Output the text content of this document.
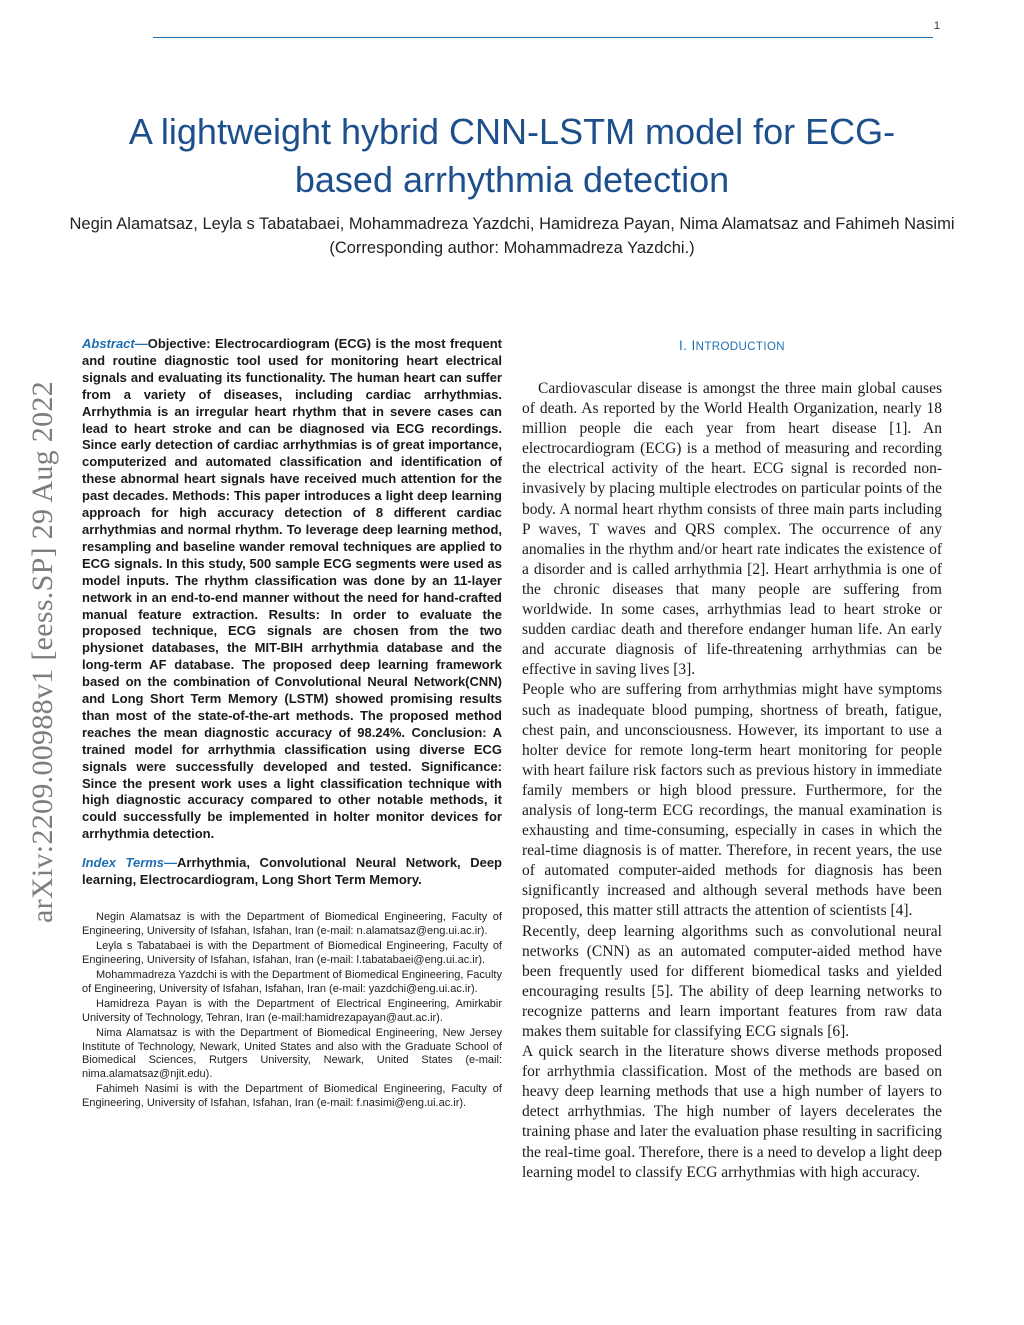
1
A lightweight hybrid CNN-LSTM model for ECG-based arrhythmia detection
Negin Alamatsaz, Leyla s Tabatabaei, Mohammadreza Yazdchi, Hamidreza Payan, Nima Alamatsaz and Fahimeh Nasimi (Corresponding author: Mohammadreza Yazdchi.)
arXiv:2209.00988v1 [eess.SP] 29 Aug 2022

Abstract—Objective: Electrocardiogram (ECG) is the most frequent and routine diagnostic tool used for monitoring heart electrical signals and evaluating its functionality. The human heart can suffer from a variety of diseases, including cardiac arrhythmias. Arrhythmia is an irregular heart rhythm that in severe cases can lead to heart stroke and can be diagnosed via ECG recordings. Since early detection of cardiac arrhythmias is of great importance, computerized and automated classification and identification of these abnormal heart signals have received much attention for the past decades. Methods: This paper introduces a light deep learning approach for high accuracy detection of 8 different cardiac arrhythmias and normal rhythm. To leverage deep learning method, resampling and baseline wander removal techniques are applied to ECG signals. In this study, 500 sample ECG segments were used as model inputs. The rhythm classification was done by an 11-layer network in an end-to-end manner without the need for hand-crafted manual feature extraction. Results: In order to evaluate the proposed technique, ECG signals are chosen from the two physionet databases, the MIT-BIH arrhythmia database and the long-term AF database. The proposed deep learning framework based on the combination of Convolutional Neural Network(CNN) and Long Short Term Memory (LSTM) showed promising results than most of the state-of-the-art methods. The proposed method reaches the mean diagnostic accuracy of 98.24%. Conclusion: A trained model for arrhythmia classification using diverse ECG signals were successfully developed and tested. Significance: Since the present work uses a light classification technique with high diagnostic accuracy compared to other notable methods, it could successfully be implemented in holter monitor devices for arrhythmia detection.

Index Terms—Arrhythmia, Convolutional Neural Network, Deep learning, Electrocardiogram, Long Short Term Memory.

Negin Alamatsaz is with the Department of Biomedical Engineering, Faculty of Engineering, University of Isfahan, Isfahan, Iran (e-mail: n.alamatsaz@eng.ui.ac.ir).

Leyla s Tabatabaei is with the Department of Biomedical Engineering, Faculty of Engineering, University of Isfahan, Isfahan, Iran (e-mail: l.tabatabaei@eng.ui.ac.ir).

Mohammadreza Yazdchi is with the Department of Biomedical Engineering, Faculty of Engineering, University of Isfahan, Isfahan, Iran (e-mail: yazdchi@eng.ui.ac.ir).

Hamidreza Payan is with the Department of Electrical Engineering, Amirkabir University of Technology, Tehran, Iran (e-mail:hamidrezapayan@aut.ac.ir).

Nima Alamatsaz is with the Department of Biomedical Engineering, New Jersey Institute of Technology, Newark, United States and also with the Graduate School of Biomedical Sciences, Rutgers University, Newark, United States (e-mail: nima.alamatsaz@njit.edu).

Fahimeh Nasimi is with the Department of Biomedical Engineering, Faculty of Engineering, University of Isfahan, Isfahan, Iran (e-mail: f.nasimi@eng.ui.ac.ir).

I. INTRODUCTION

Cardiovascular disease is amongst the three main global causes of death. As reported by the World Health Organization, nearly 18 million people die each year from heart disease [1]. An electrocardiogram (ECG) is a method of measuring and recording the electrical activity of the heart. ECG signal is recorded non-invasively by placing multiple electrodes on particular points of the body. A normal heart rhythm consists of three main parts including P waves, T waves and QRS complex. The occurrence of any anomalies in the rhythm and/or heart rate indicates the existence of a disorder and is called arrhythmia [2]. Heart arrhythmia is one of the chronic diseases that many people are suffering from worldwide. In some cases, arrhythmias lead to heart stroke or sudden cardiac death and therefore endanger human life. An early and accurate diagnosis of life-threatening arrhythmias can be effective in saving lives [3].

People who are suffering from arrhythmias might have symptoms such as inadequate blood pumping, shortness of breath, fatigue, chest pain, and unconsciousness. However, its important to use a holter device for remote long-term heart monitoring for people with heart failure risk factors such as previous history in immediate family members or high blood pressure. Furthermore, for the analysis of long-term ECG recordings, the manual examination is exhausting and time-consuming, especially in cases in which the real-time diagnosis is of matter. Therefore, in recent years, the use of automated computer-aided methods for diagnosis has been significantly increased and although several methods have been proposed, this matter still attracts the attention of scientists [4].

Recently, deep learning algorithms such as convolutional neural networks (CNN) as an automated computer-aided method have been frequently used for different biomedical tasks and yielded encouraging results [5]. The ability of deep learning networks to recognize patterns and learn important features from raw data makes them suitable for classifying ECG signals [6].

A quick search in the literature shows diverse methods proposed for arrhythmia classification. Most of the methods are based on heavy deep learning methods that use a high number of layers to detect arrhythmias. The high number of layers decelerates the training phase and later the evaluation phase resulting in sacrificing the real-time goal. Therefore, there is a need to develop a light deep learning model to classify ECG arrhythmias with high accuracy.
